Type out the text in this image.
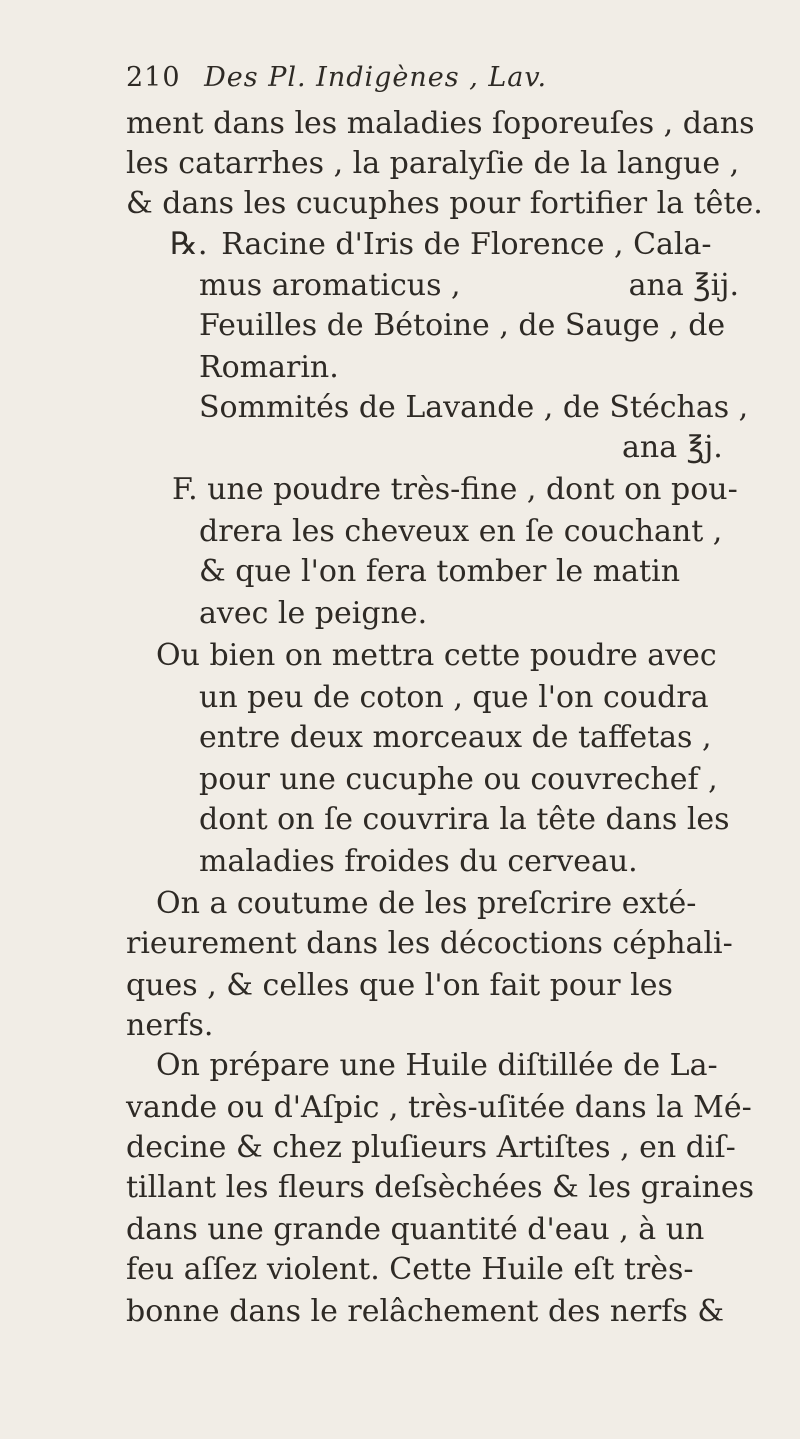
210 Des Pl. Indigènes , Lav.
ment dans les maladies ſoporeuſes , dans
les catarrhes , la paralyſie de la langue ,
& dans les cucuphes pour fortifier la tête.
℞. Racine d'Iris de Florence , Cala-
mus aromaticus ,	ana ℥ij.
Feuilles de Bétoine , de Sauge , de
Romarin.
Sommités de Lavande , de Stéchas ,
ana ℥j.
F. une poudre très-fine , dont on pou-
drera les cheveux en ſe couchant ,
& que l'on fera tomber le matin
avec le peigne.
Ou bien on mettra cette poudre avec
un peu de coton , que l'on coudra
entre deux morceaux de taffetas ,
pour une cucuphe ou couvrechef ,
dont on ſe couvrira la tête dans les
maladies froides du cerveau.
On a coutume de les preſcrire exté-
rieurement dans les décoctions céphali-
ques , & celles que l'on fait pour les
nerfs.
On prépare une Huile diſtillée de La-
vande ou d'Aſpic , très-uſitée dans la Mé-
decine & chez pluſieurs Artiſtes , en diſ-
tillant les fleurs deſsèchées & les graines
dans une grande quantité d'eau , à un
feu aſſez violent. Cette Huile eſt très-
bonne dans le relâchement des nerfs &
